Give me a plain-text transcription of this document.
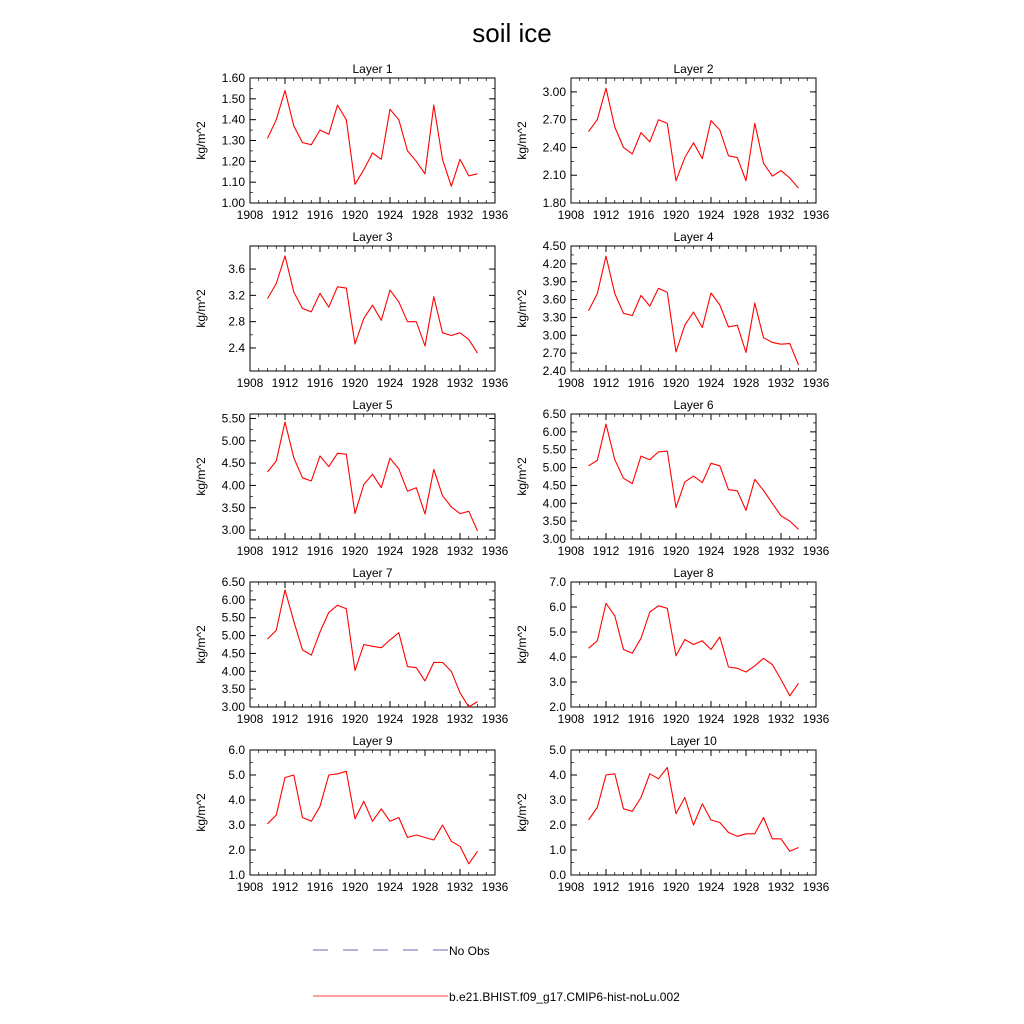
soil ice
Layer 1
1908 1912 1916 1920 1924 1928 1932 1936
1.00
1.10
1.20
1.30
1.40
1.50
1.60
kg/m^2
Layer 2
1908 1912 1916 1920 1924 1928 1932 1936
1.80
2.10
2.40
2.70
3.00
kg/m^2
Layer 3
1908 1912 1916 1920 1924 1928 1932 1936
2.4
2.8
3.2
3.6
kg/m^2
Layer 4
1908 1912 1916 1920 1924 1928 1932 1936
2.40
2.70
3.00
3.30
3.60
3.90
4.20
4.50
kg/m^2
Layer 5
1908 1912 1916 1920 1924 1928 1932 1936
3.00
3.50
4.00
4.50
5.00
5.50
kg/m^2
Layer 6
1908 1912 1916 1920 1924 1928 1932 1936
3.00
3.50
4.00
4.50
5.00
5.50
6.00
6.50
kg/m^2
Layer 7
1908 1912 1916 1920 1924 1928 1932 1936
3.00
3.50
4.00
4.50
5.00
5.50
6.00
6.50
kg/m^2
Layer 8
1908 1912 1916 1920 1924 1928 1932 1936
2.0
3.0
4.0
5.0
6.0
7.0
kg/m^2
Layer 9
1908 1912 1916 1920 1924 1928 1932 1936
1.0
2.0
3.0
4.0
5.0
6.0
kg/m^2
Layer 10
1908 1912 1916 1920 1924 1928 1932 1936
0.0
1.0
2.0
3.0
4.0
5.0
kg/m^2
No Obs
b.e21.BHIST.f09_g17.CMIP6-hist-noLu.002
